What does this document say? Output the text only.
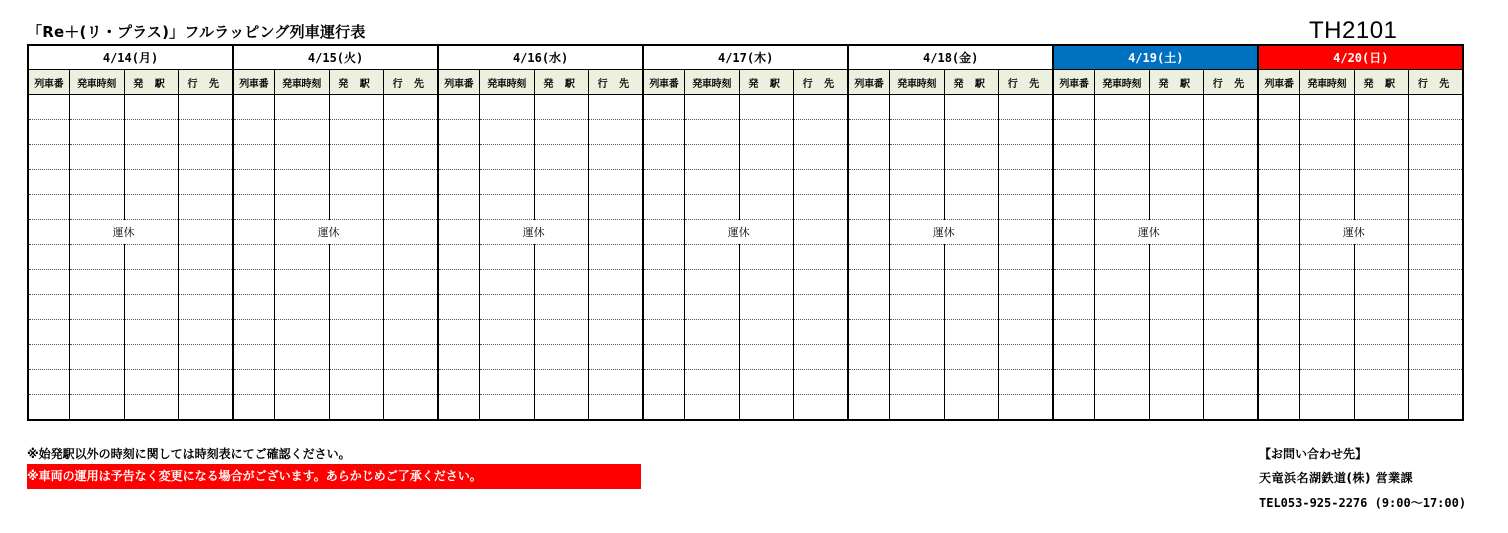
「Re＋(リ・プラス)」フルラッピング列車運行表	TH2101
4/14(月)				4/15(火)				4/16(水)				4/17(木)				4/18(金)				4/19(土)				4/20(日)			
列車番	発車時刻	発 駅	行 先	列車番	発車時刻	発 駅	行 先	列車番	発車時刻	発 駅	行 先	列車番	発車時刻	発 駅	行 先	列車番	発車時刻	発 駅	行 先	列車番	発車時刻	発 駅	行 先	列車番	発車時刻	発 駅	行 先

	運休				運休				運休				運休				運休				運休				運休		

※始発駅以外の時刻に関しては時刻表にてご確認ください。
※車両の運用は予告なく変更になる場合がございます。あらかじめご了承ください。
【お問い合わせ先】
天竜浜名湖鉄道(株) 営業課
TEL053-925-2276 (9:00〜17:00)
